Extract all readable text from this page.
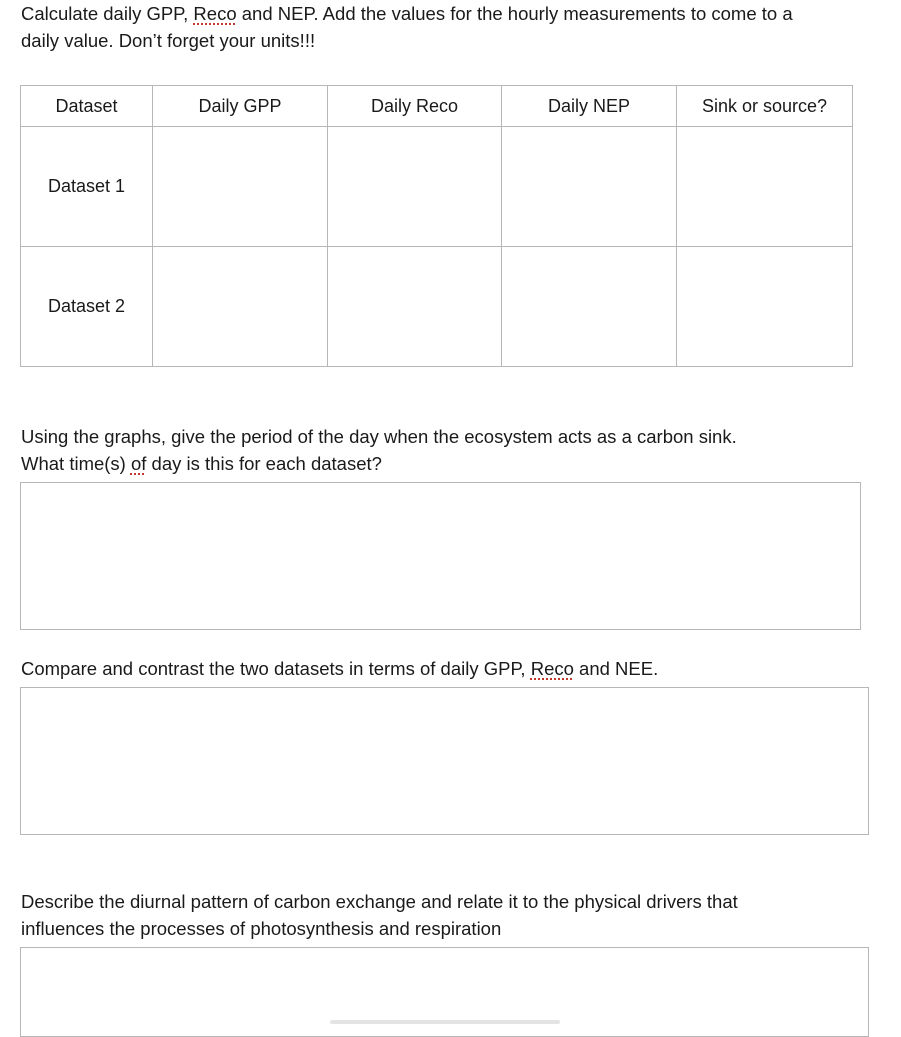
Calculate daily GPP, Reco and NEP. Add the values for the hourly measurements to come to a
daily value. Don’t forget your units!!!
Dataset	Daily GPP	Daily Reco	Daily NEP	Sink or source?
Dataset 1				
Dataset 2				
Using the graphs, give the period of the day when the ecosystem acts as a carbon sink.
What time(s) of day is this for each dataset?
Compare and contrast the two datasets in terms of daily GPP, Reco and NEE.
Describe the diurnal pattern of carbon exchange and relate it to the physical drivers that
influences the processes of photosynthesis and respiration
